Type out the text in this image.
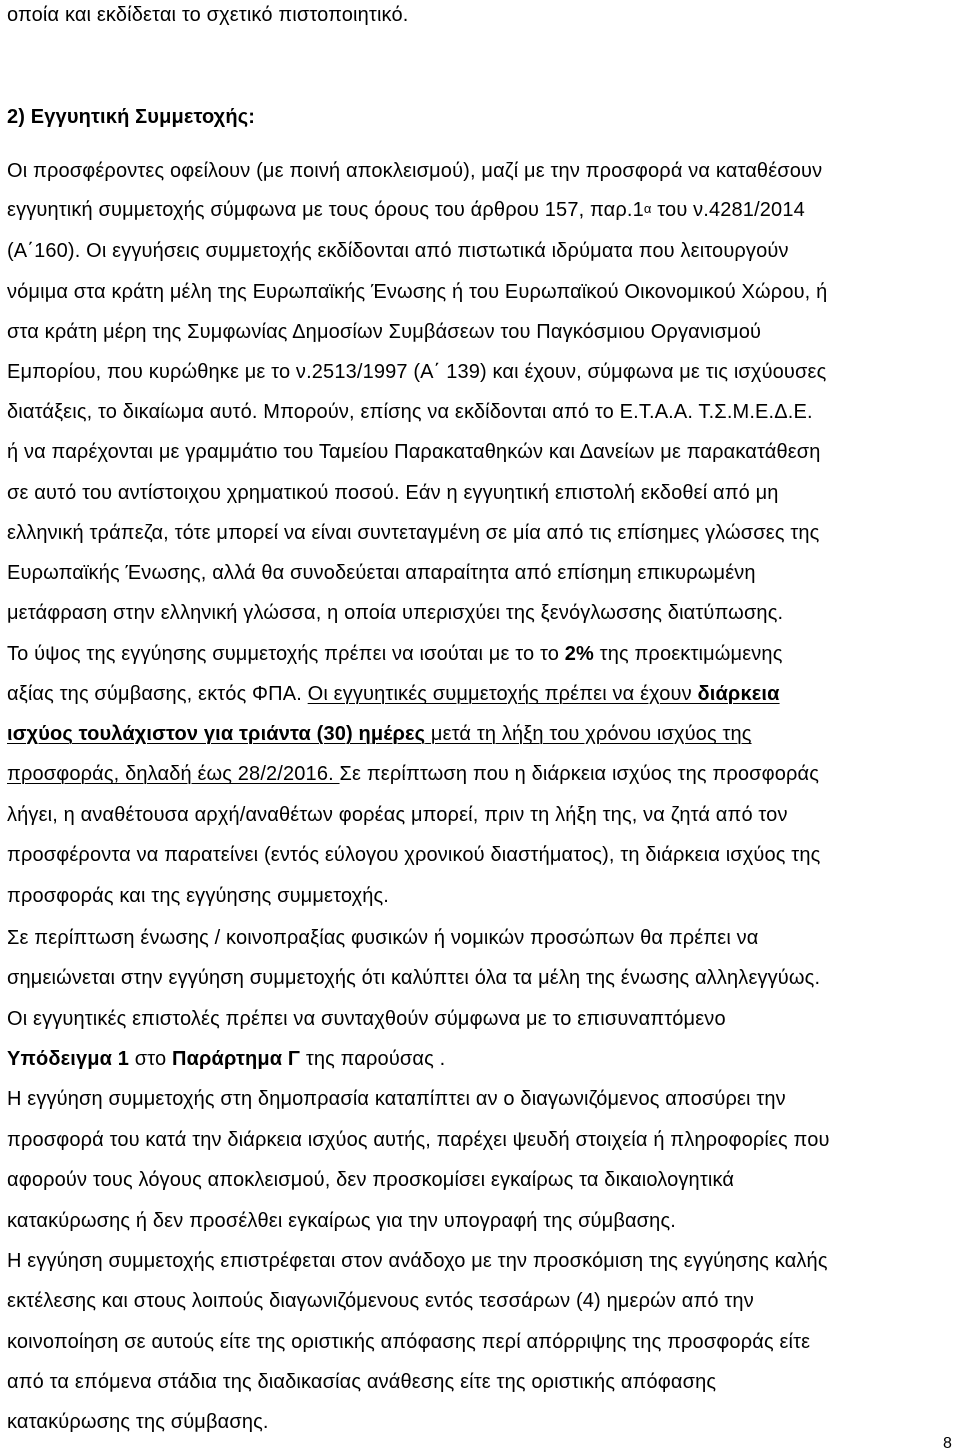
οποία και εκδίδεται το σχετικό πιστοποιητικό.
2) Εγγυητική Συμμετοχής:
Οι προσφέροντες οφείλουν (με ποινή αποκλεισμού), μαζί με την προσφορά να καταθέσουν
εγγυητική συμμετοχής σύμφωνα με τους όρους του άρθρου 157, $\pi\alpha\rho.1^\alpha$ του ν.4281/2014
(Α΄160). Οι εγγυήσεις συμμετοχής εκδίδονται από πιστωτικά ιδρύματα που λειτουργούν
νόμιμα στα κράτη μέλη της Ευρωπαϊκής Ένωσης ή του Ευρωπαϊκού Οικονομικού Χώρου, ή
στα κράτη μέρη της Συμφωνίας Δημοσίων Συμβάσεων του Παγκόσμιου Οργανισμού
Εμπορίου, που κυρώθηκε με το ν.2513/1997 (Α΄ 139) και έχουν, σύμφωνα με τις ισχύουσες
διατάξεις, το δικαίωμα αυτό. Μπορούν, επίσης να εκδίδονται από το Ε.Τ.Α.Α. Τ.Σ.Μ.Ε.Δ.Ε.
ή να παρέχονται με γραμμάτιο του Ταμείου Παρακαταθηκών και Δανείων με παρακατάθεση
σε αυτό του αντίστοιχου χρηματικού ποσού. Εάν η εγγυητική επιστολή εκδοθεί από μη
ελληνική τράπεζα, τότε μπορεί να είναι συντεταγμένη σε μία από τις επίσημες γλώσσες της
Ευρωπαϊκής Ένωσης, αλλά θα συνοδεύεται απαραίτητα από επίσημη επικυρωμένη
μετάφραση στην ελληνική γλώσσα, η οποία υπερισχύει της ξενόγλωσσης διατύπωσης.
Το ύψος της εγγύησης συμμετοχής πρέπει να ισούται με το το 2% της προεκτιμώμενης
αξίας της σύμβασης, εκτός ΦΠΑ. Οι εγγυητικές συμμετοχής πρέπει να έχουν διάρκεια
ισχύος τουλάχιστον για τριάντα (30) ημέρες μετά τη λήξη του χρόνου ισχύος της
προσφοράς, δηλαδή έως 28/2/2016. Σε περίπτωση που η διάρκεια ισχύος της προσφοράς
λήγει, η αναθέτουσα αρχή/αναθέτων φορέας μπορεί, πριν τη λήξη της, να ζητά από τον
προσφέροντα να παρατείνει (εντός εύλογου χρονικού διαστήματος), τη διάρκεια ισχύος της
προσφοράς και της εγγύησης συμμετοχής.
Σε περίπτωση ένωσης / κοινοπραξίας φυσικών ή νομικών προσώπων θα πρέπει να
σημειώνεται στην εγγύηση συμμετοχής ότι καλύπτει όλα τα μέλη της ένωσης αλληλεγγύως.
Οι εγγυητικές επιστολές πρέπει να συνταχθούν σύμφωνα με το επισυναπτόμενο
Υπόδειγμα 1 στο Παράρτημα Γ της παρούσας .
Η εγγύηση συμμετοχής στη δημοπρασία καταπίπτει αν ο διαγωνιζόμενος αποσύρει την
προσφορά του κατά την διάρκεια ισχύος αυτής, παρέχει ψευδή στοιχεία ή πληροφορίες που
αφορούν τους λόγους αποκλεισμού, δεν προσκομίσει εγκαίρως τα δικαιολογητικά
κατακύρωσης ή δεν προσέλθει εγκαίρως για την υπογραφή της σύμβασης.
Η εγγύηση συμμετοχής επιστρέφεται στον ανάδοχο με την προσκόμιση της εγγύησης καλής
εκτέλεσης και στους λοιπούς διαγωνιζόμενους εντός τεσσάρων (4) ημερών από την
κοινοποίηση σε αυτούς είτε της οριστικής απόφασης περί απόρριψης της προσφοράς είτε
από τα επόμενα στάδια της διαδικασίας ανάθεσης είτε της οριστικής απόφασης
κατακύρωσης της σύμβασης.
8
